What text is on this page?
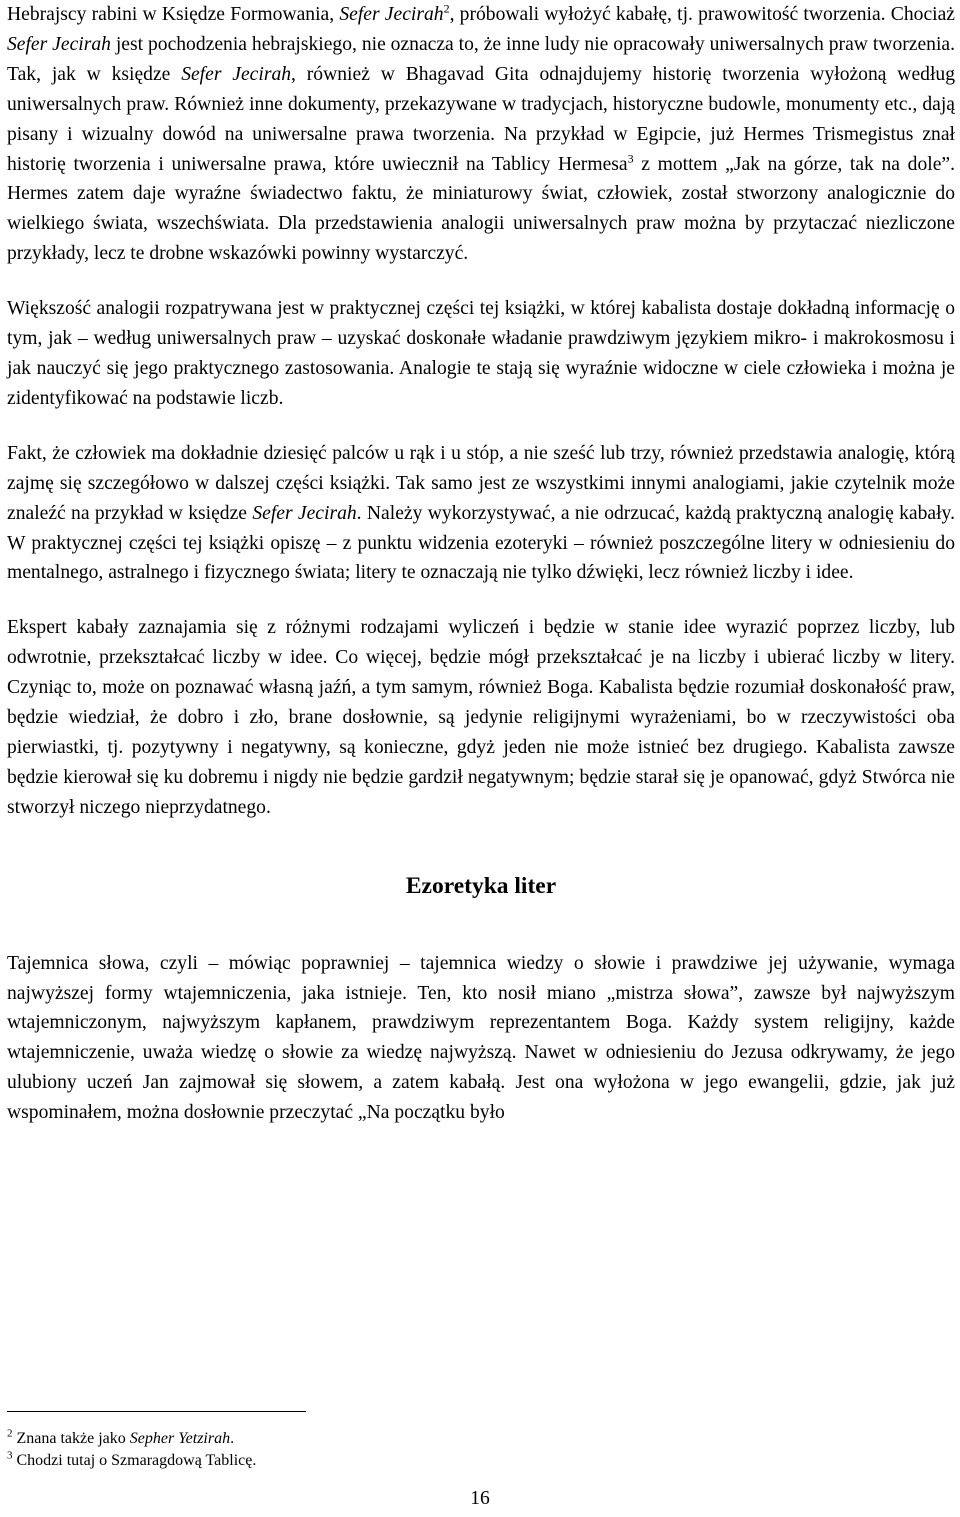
Hebrajscy rabini w Księdze Formowania, Sefer Jecirah$^2$, próbowali wyłożyć kabałę, tj. prawowitość tworzenia. Chociaż Sefer Jecirah jest pochodzenia hebrajskiego, nie oznacza to, że inne ludy nie opracowały uniwersalnych praw tworzenia. Tak, jak w księdze Sefer Jecirah, również w Bhagavad Gita odnajdujemy historię tworzenia wyłożoną według uniwersalnych praw. Również inne dokumenty, przekazywane w tradycjach, historyczne budowle, monumenty etc., dają pisany i wizualny dowód na uniwersalne prawa tworzenia. Na przykład w Egipcie, już Hermes Trismegistus znał historię tworzenia i uniwersalne prawa, które uwiecznił na Tablicy Hermesa$^3$ z mottem „Jak na górze, tak na dole”. Hermes zatem daje wyraźne świadectwo faktu, że miniaturowy świat, człowiek, został stworzony analogicznie do wielkiego świata, wszechświata. Dla przedstawienia analogii uniwersalnych praw można by przytaczać niezliczone przykłady, lecz te drobne wskazówki powinny wystarczyć.

Większość analogii rozpatrywana jest w praktycznej części tej książki, w której kabalista dostaje dokładną informację o tym, jak – według uniwersalnych praw – uzyskać doskonałe władanie prawdziwym językiem mikro- i makrokosmosu i jak nauczyć się jego praktycznego zastosowania. Analogie te stają się wyraźnie widoczne w ciele człowieka i można je zidentyfikować na podstawie liczb.

Fakt, że człowiek ma dokładnie dziesięć palców u rąk i u stóp, a nie sześć lub trzy, również przedstawia analogię, którą zajmę się szczegółowo w dalszej części książki. Tak samo jest ze wszystkimi innymi analogiami, jakie czytelnik może znaleźć na przykład w księdze Sefer Jecirah. Należy wykorzystywać, a nie odrzucać, każdą praktyczną analogię kabały. W praktycznej części tej książki opiszę – z punktu widzenia ezoteryki – również poszczególne litery w odniesieniu do mentalnego, astralnego i fizycznego świata; litery te oznaczają nie tylko dźwięki, lecz również liczby i idee.

Ekspert kabały zaznajamia się z różnymi rodzajami wyliczeń i będzie w stanie idee wyrazić poprzez liczby, lub odwrotnie, przekształcać liczby w idee. Co więcej, będzie mógł przekształcać je na liczby i ubierać liczby w litery. Czyniąc to, może on poznawać własną jaźń, a tym samym, również Boga. Kabalista będzie rozumiał doskonałość praw, będzie wiedział, że dobro i zło, brane dosłownie, są jedynie religijnymi wyrażeniami, bo w rzeczywistości oba pierwiastki, tj. pozytywny i negatywny, są konieczne, gdyż jeden nie może istnieć bez drugiego. Kabalista zawsze będzie kierował się ku dobremu i nigdy nie będzie gardził negatywnym; będzie starał się je opanować, gdyż Stwórca nie stworzył niczego nieprzydatnego.

Ezoretyka liter

Tajemnica słowa, czyli – mówiąc poprawniej – tajemnica wiedzy o słowie i prawdziwe jej używanie, wymaga najwyższej formy wtajemniczenia, jaka istnieje. Ten, kto nosił miano „mistrza słowa”, zawsze był najwyższym wtajemniczonym, najwyższym kapłanem, prawdziwym reprezentantem Boga. Każdy system religijny, każde wtajemniczenie, uważa wiedzę o słowie za wiedzę najwyższą. Nawet w odniesieniu do Jezusa odkrywamy, że jego ulubiony uczeń Jan zajmował się słowem, a zatem kabałą. Jest ona wyłożona w jego ewangelii, gdzie, jak już wspominałem, można dosłownie przeczytać „Na początku było

$^2$ Znana także jako Sepher Yetzirah.
$^3$ Chodzi tutaj o Szmaragdową Tablicę.
16
